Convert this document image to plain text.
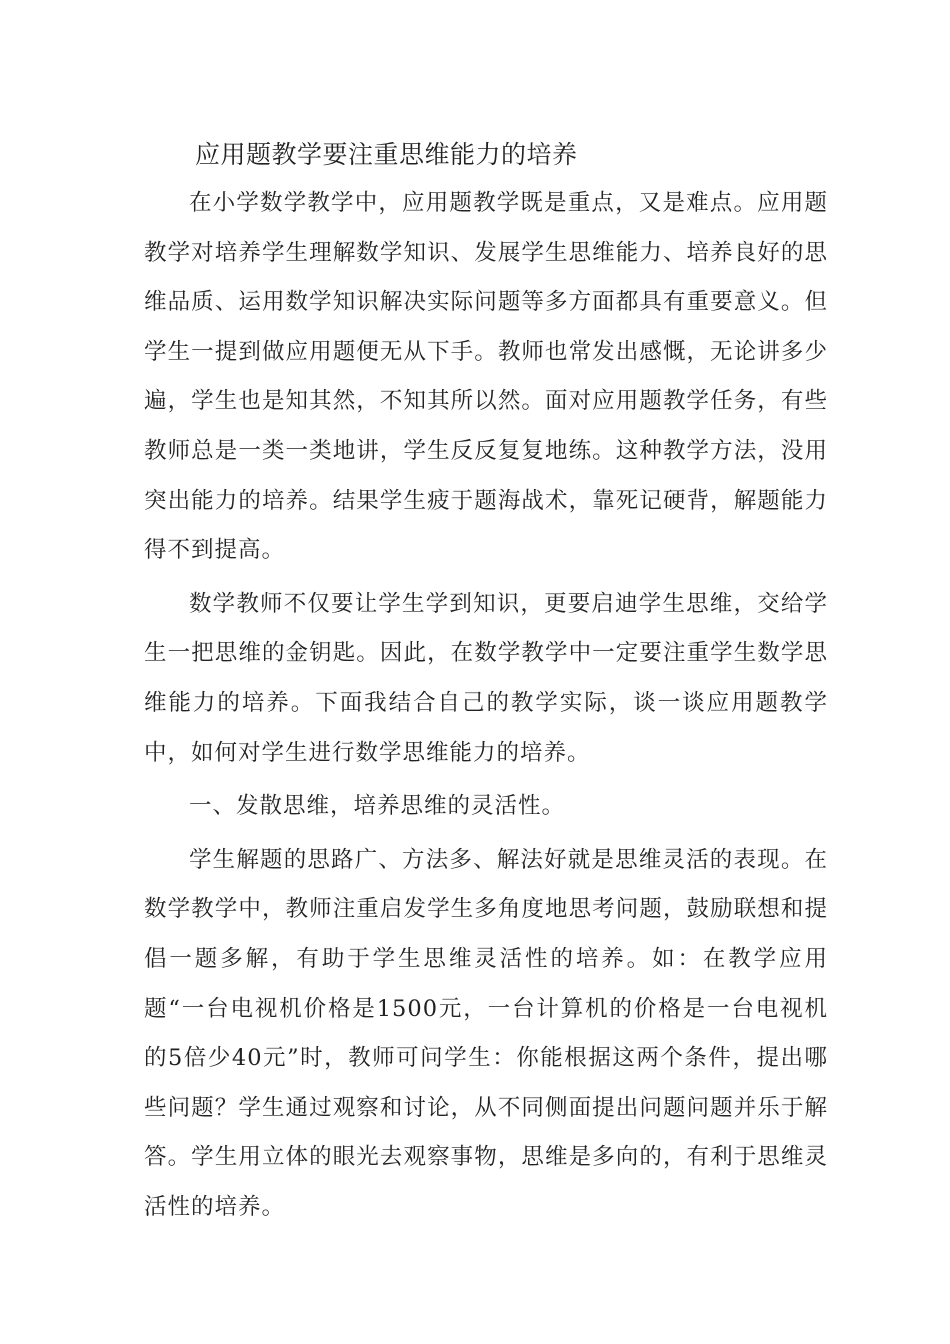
应用题教学要注重思维能力的培养

在小学数学教学中，应用题教学既是重点，又是难点。应用题教学对培养学生理解数学知识、发展学生思维能力、培养良好的思维品质、运用数学知识解决实际问题等多方面都具有重要意义。但学生一提到做应用题便无从下手。教师也常发出感慨，无论讲多少遍，学生也是知其然，不知其所以然。面对应用题教学任务，有些教师总是一类一类地讲，学生反反复复地练。这种教学方法，没用突出能力的培养。结果学生疲于题海战术，靠死记硬背，解题能力得不到提高。

数学教师不仅要让学生学到知识，更要启迪学生思维，交给学生一把思维的金钥匙。因此，在数学教学中一定要注重学生数学思维能力的培养。下面我结合自己的教学实际，谈一谈应用题教学中，如何对学生进行数学思维能力的培养。

一、发散思维，培养思维的灵活性。

学生解题的思路广、方法多、解法好就是思维灵活的表现。在数学教学中，教师注重启发学生多角度地思考问题，鼓励联想和提倡一题多解，有助于学生思维灵活性的培养。如：在教学应用题“一台电视机价格是1500元，一台计算机的价格是一台电视机的5倍少40元”时，教师可问学生：你能根据这两个条件，提出哪些问题？学生通过观察和讨论，从不同侧面提出问题问题并乐于解答。学生用立体的眼光去观察事物，思维是多向的，有利于思维灵活性的培养。
